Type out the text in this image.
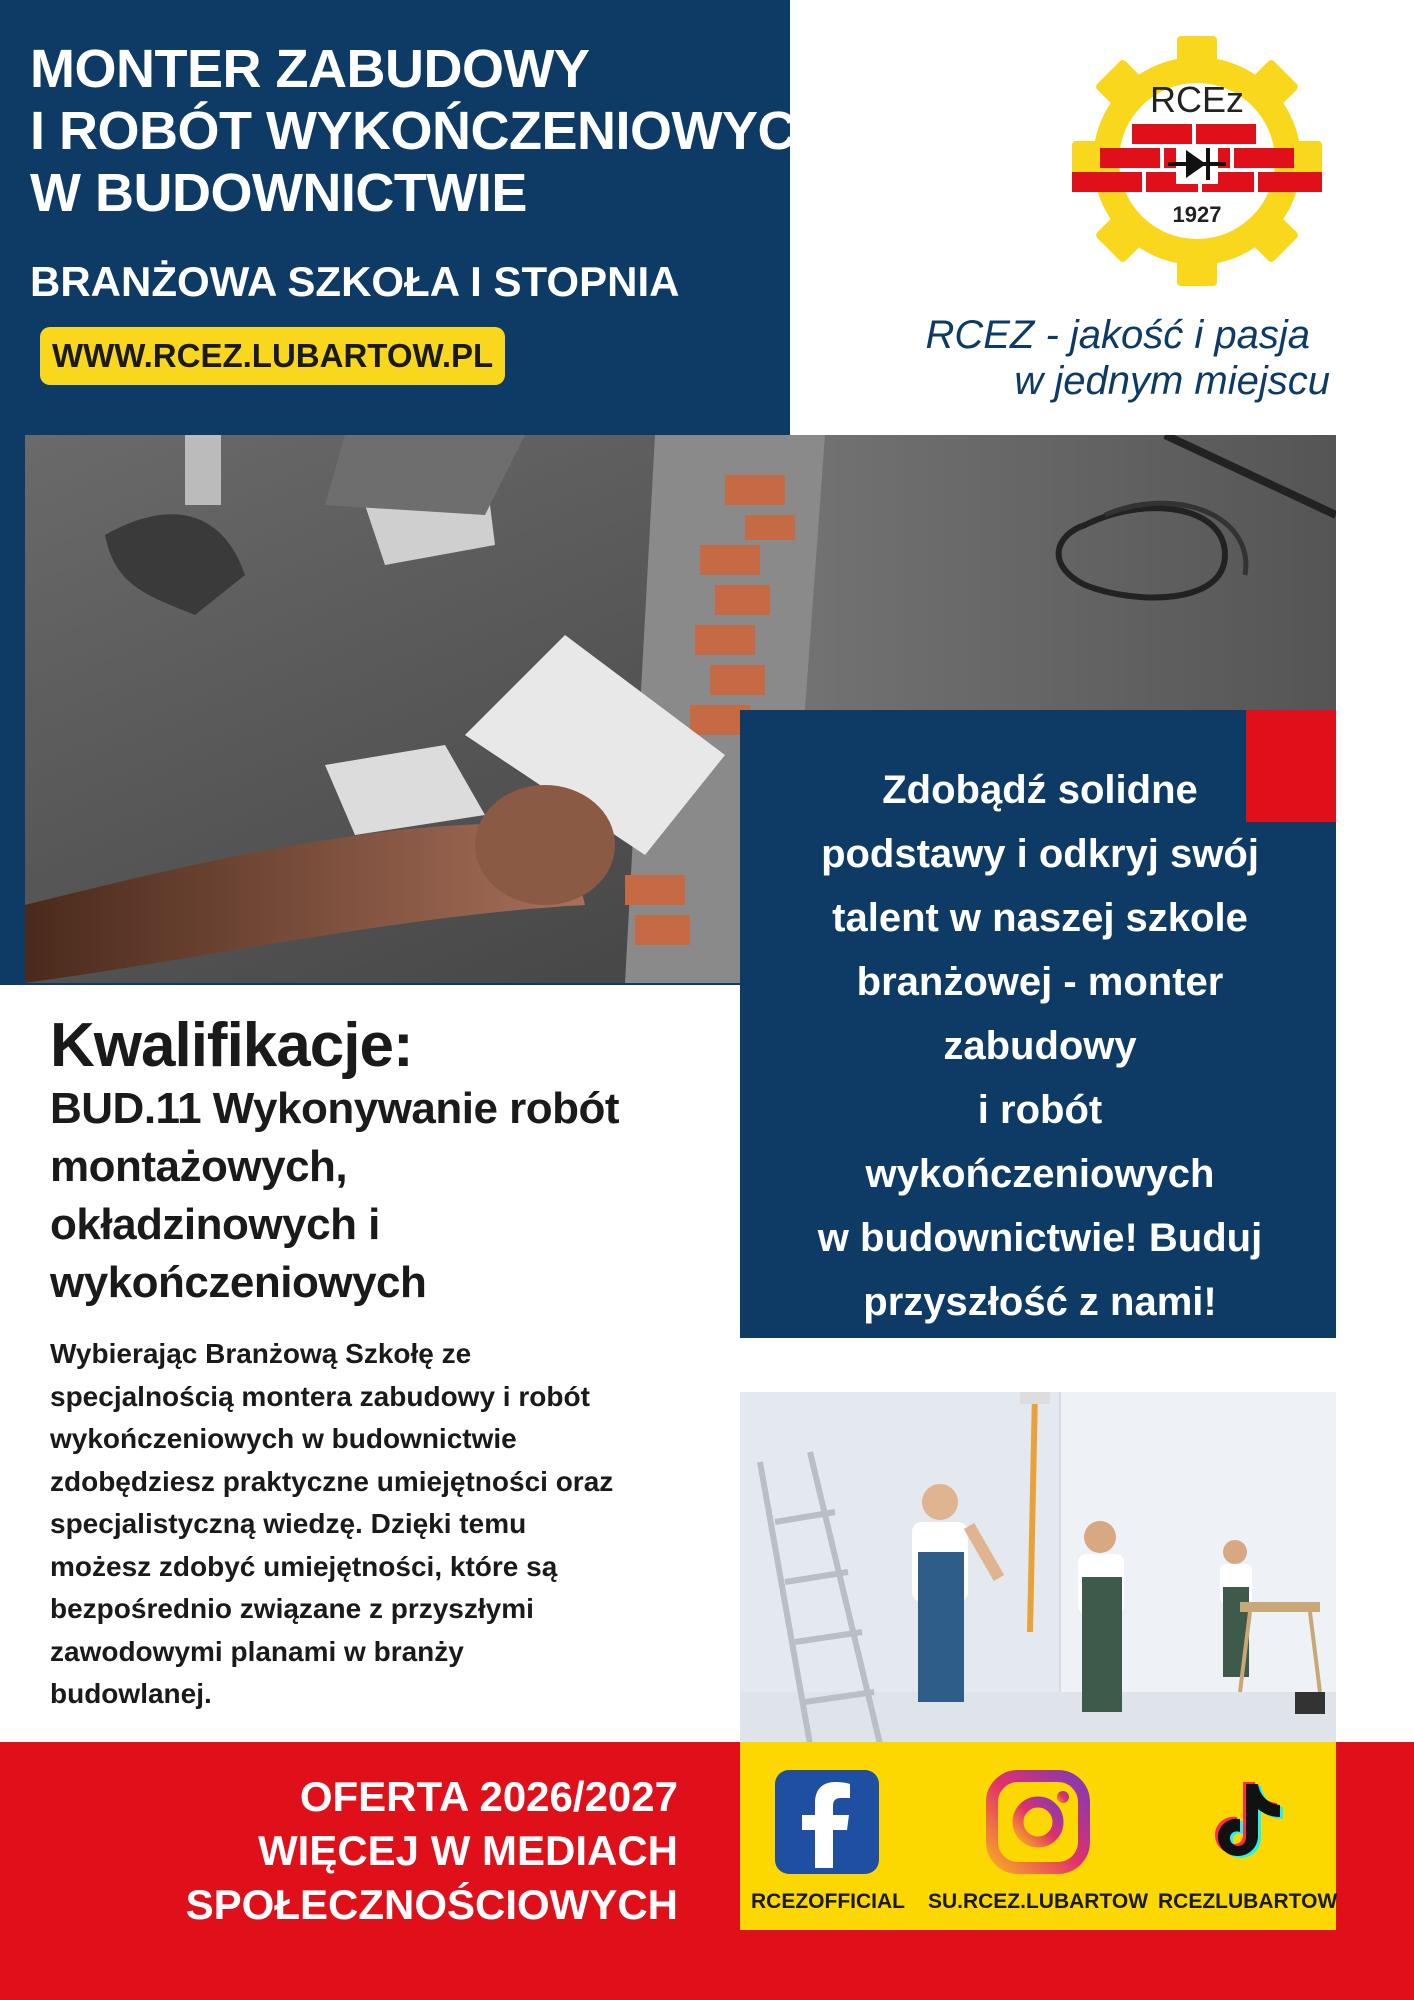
MONTER ZABUDOWY
I ROBÓT WYKOŃCZENIOWYCH
W BUDOWNICTWIE
BRANŻOWA SZKOŁA I STOPNIA
WWW.RCEZ.LUBARTOW.PL
RCEz
1927
RCEZ - jakość i pasja
w jednym miejscu
Zdobądź solidne
podstawy i odkryj swój
talent w naszej szkole
branżowej - monter
zabudowy
i robót
wykończeniowych
w budownictwie! Buduj
przyszłość z nami!
Kwalifikacje:
BUD.11 Wykonywanie robót
montażowych,
okładzinowych i
wykończeniowych
Wybierając Branżową Szkołę ze
specjalnością montera zabudowy i robót
wykończeniowych w budownictwie
zdobędziesz praktyczne umiejętności oraz
specjalistyczną wiedzę. Dzięki temu
możesz zdobyć umiejętności, które są
bezpośrednio związane z przyszłymi
zawodowymi planami w branży
budowlanej.
OFERTA 2026/2027
WIĘCEJ W MEDIACH
SPOŁECZNOŚCIOWYCH	RCEZOFFICIAL	SU.RCEZ.LUBARTOW RCEZLUBARTOW
